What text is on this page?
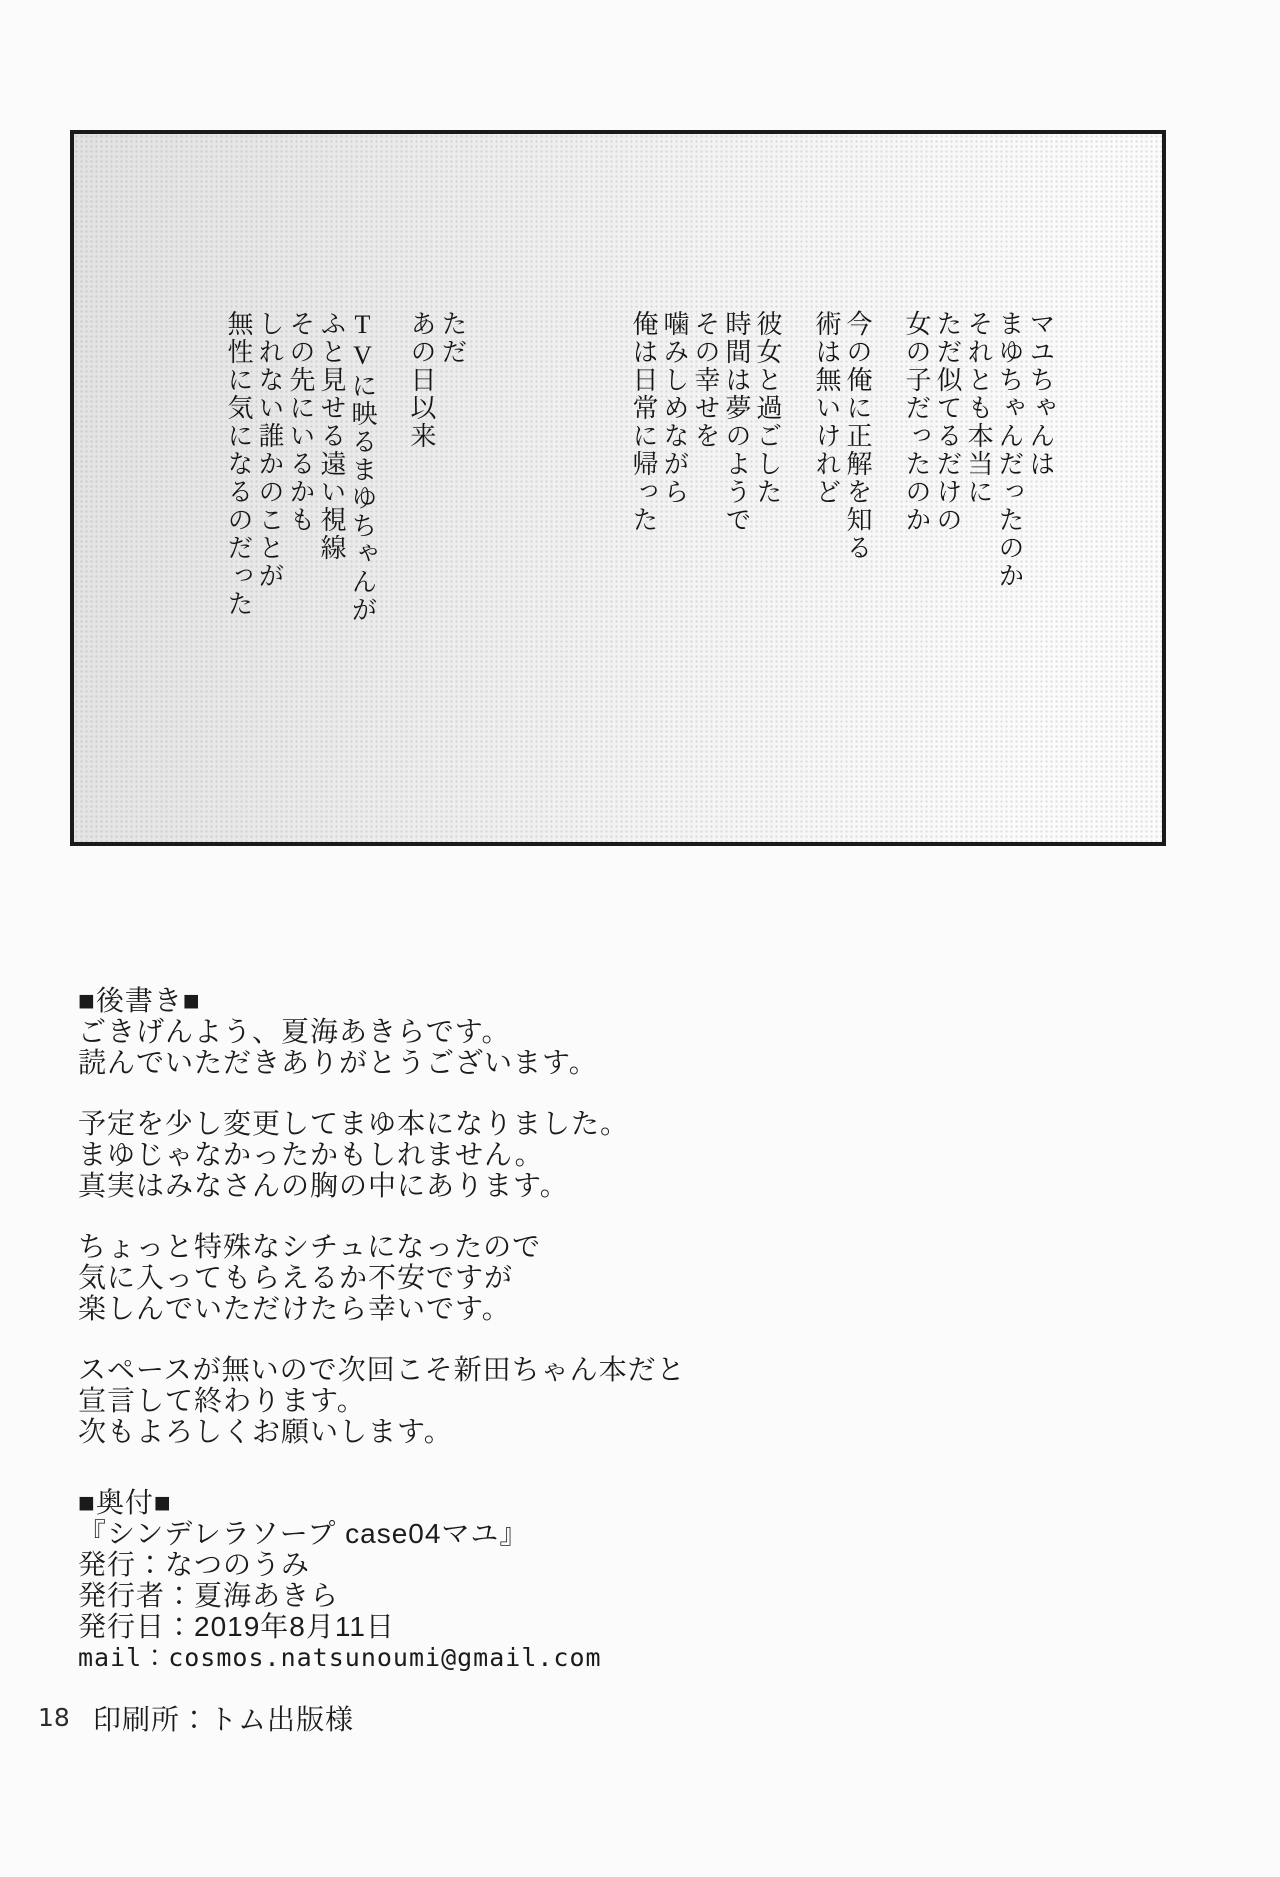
マユちゃんは

まゆちゃんだったのか

それとも本当に

ただ似てるだけの

女の子だったのか

今の俺に正解を知る

術は無いけれど

彼女と過ごした

時間は夢のようで

その幸せを

噛みしめながら

俺は日常に帰った

ただ

あの日以来

TVに映るまゆちゃんが

ふと見せる遠い視線

その先にいるかも

しれない誰かのことが

無性に気になるのだった

■後書き■
ごきげんよう、夏海あきらです。
読んでいただきありがとうございます。
予定を少し変更してまゆ本になりました。
まゆじゃなかったかもしれません。
真実はみなさんの胸の中にあります。
ちょっと特殊なシチュになったので
気に入ってもらえるか不安ですが
楽しんでいただけたら幸いです。
スペースが無いので次回こそ新田ちゃん本だと
宣言して終わります。
次もよろしくお願いします。
■奥付■
『シンデレラソープ case04マユ』
発行：なつのうみ
発行者：夏海あきら
発行日：2019年8月11日
mail：cosmos.natsunoumi@gmail.com
18 印刷所：トム出版様
